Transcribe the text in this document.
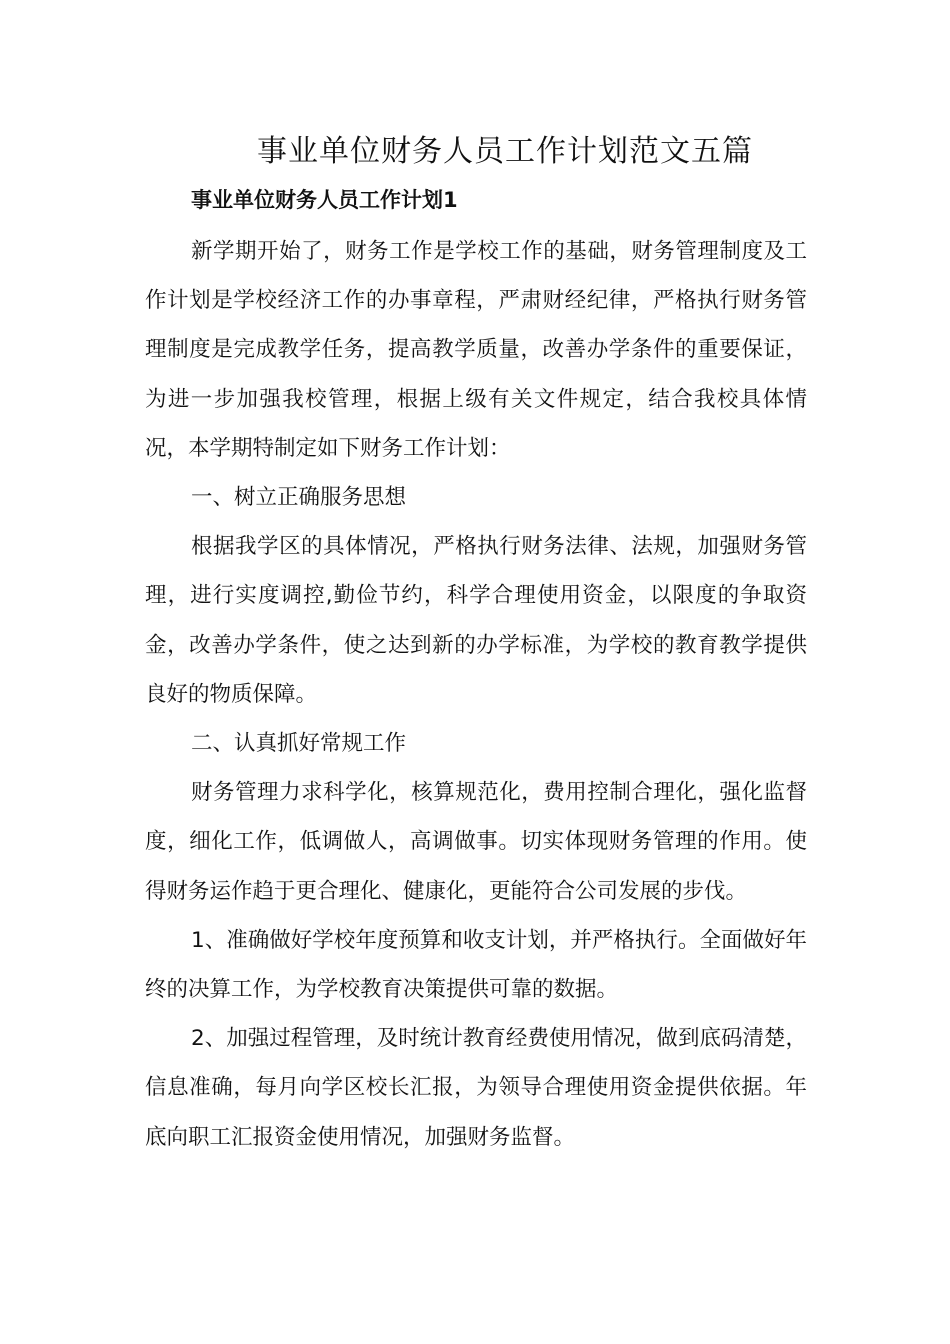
事业单位财务人员工作计划范文五篇
事业单位财务人员工作计划1

新学期开始了，财务工作是学校工作的基础，财务管理制度及工作计划是学校经济工作的办事章程，严肃财经纪律，严格执行财务管理制度是完成教学任务，提高教学质量，改善办学条件的重要保证，为进一步加强我校管理，根据上级有关文件规定，结合我校具体情况，本学期特制定如下财务工作计划：

一、树立正确服务思想

根据我学区的具体情况，严格执行财务法律、法规，加强财务管理，进行实度调控,勤俭节约，科学合理使用资金，以限度的争取资金，改善办学条件，使之达到新的办学标准，为学校的教育教学提供良好的物质保障。

二、认真抓好常规工作

财务管理力求科学化，核算规范化，费用控制合理化，强化监督度，细化工作，低调做人，高调做事。切实体现财务管理的作用。使得财务运作趋于更合理化、健康化，更能符合公司发展的步伐。

1、准确做好学校年度预算和收支计划，并严格执行。全面做好年终的决算工作，为学校教育决策提供可靠的数据。

2、加强过程管理，及时统计教育经费使用情况，做到底码清楚，信息准确，每月向学区校长汇报，为领导合理使用资金提供依据。年底向职工汇报资金使用情况，加强财务监督。
